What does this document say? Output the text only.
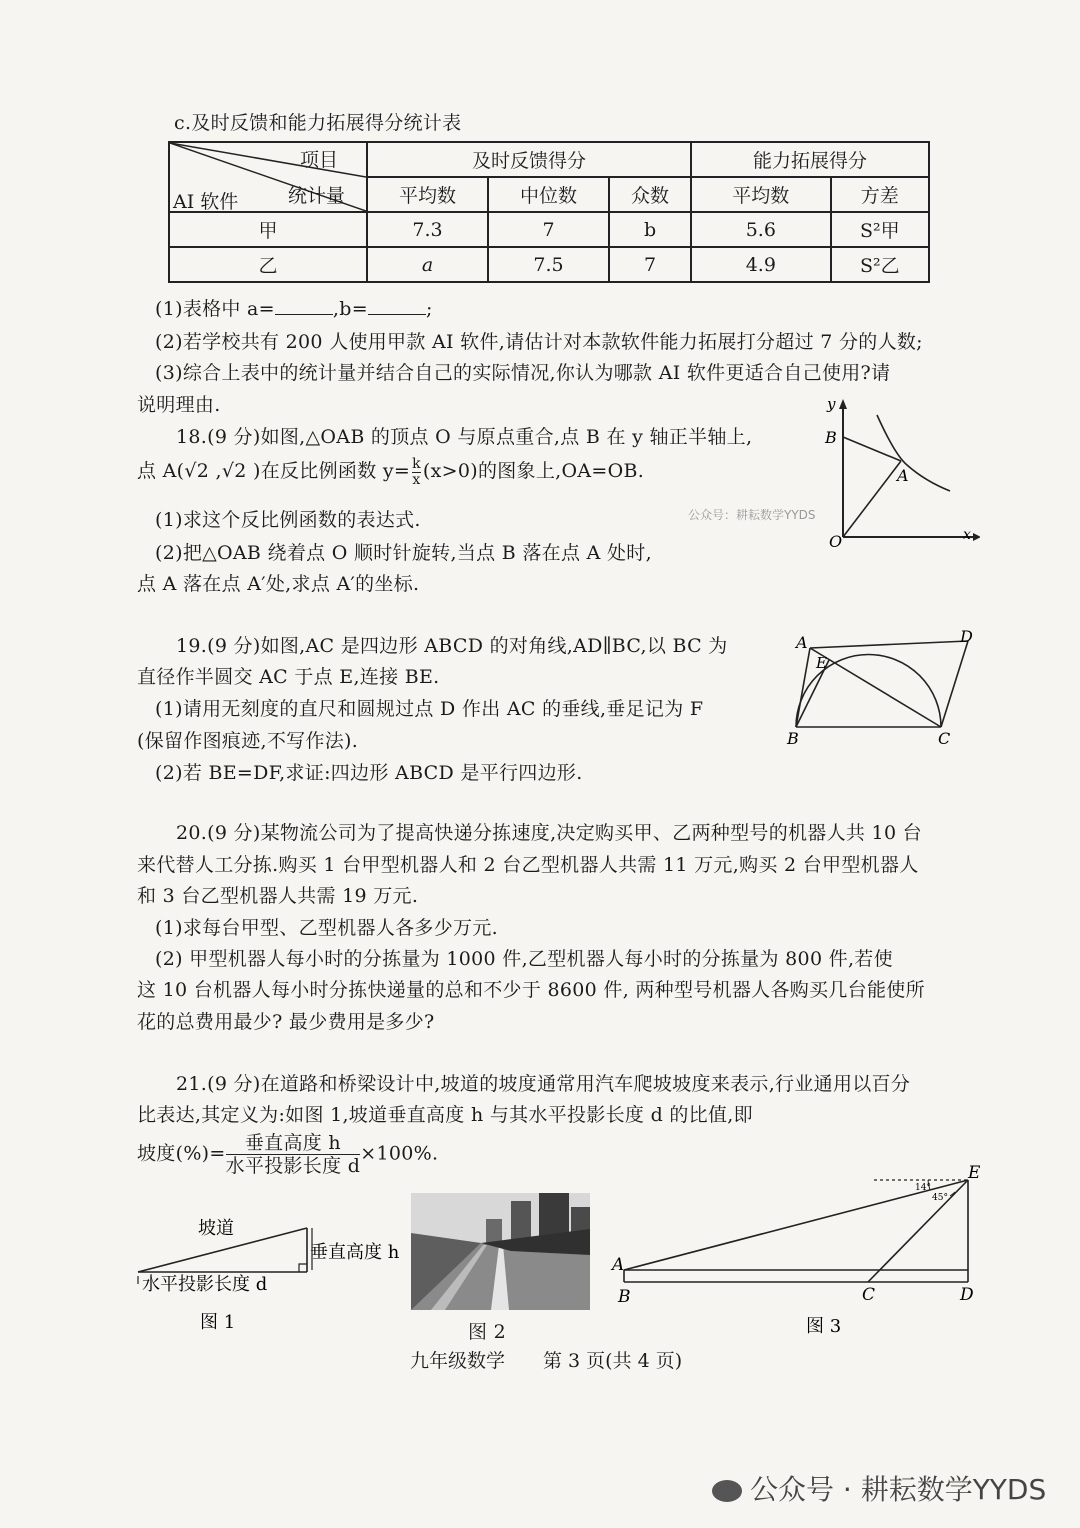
c.及时反馈和能力拓展得分统计表
项目
统计量
AI 软件	及时反馈得分			能力拓展得分	
	平均数	中位数	众数	平均数	方差
甲	7.3	7	b	5.6	S²甲
乙	a	7.5	7	4.9	S²乙
(1)表格中 a=	,b=	;
(2)若学校共有 200 人使用甲款 AI 软件,请估计对本款软件能力拓展打分超过 7 分的人数;
(3)综合上表中的统计量并结合自己的实际情况,你认为哪款 AI 软件更适合自己使用?请
说明理由.
18.(9 分)如图,△OAB 的顶点 O 与原点重合,点 B 在 y 轴正半轴上,
点 A(√2 ,√2 )在反比例函数 $y= \frac{k}{x} (x>0)$的图象上,OA=OB.
(1)求这个反比例函数的表达式.
(2)把△OAB 绕着点 O 顺时针旋转,当点 B 落在点 A 处时,
点 A 落在点 A′处,求点 A′的坐标.
公众号：耕耘数学YYDS
y
B
A
O	x
19.(9 分)如图,AC 是四边形 ABCD 的对角线,AD∥BC,以 BC 为
直径作半圆交 AC 于点 E,连接 BE.
(1)请用无刻度的直尺和圆规过点 D 作出 AC 的垂线,垂足记为 F
(保留作图痕迹,不写作法).
(2)若 BE=DF,求证:四边形 ABCD 是平行四边形.
A	D
E
B	C
20.(9 分)某物流公司为了提高快递分拣速度,决定购买甲、乙两种型号的机器人共 10 台
来代替人工分拣.购买 1 台甲型机器人和 2 台乙型机器人共需 11 万元,购买 2 台甲型机器人
和 3 台乙型机器人共需 19 万元.
(1)求每台甲型、乙型机器人各多少万元.
(2) 甲型机器人每小时的分拣量为 1000 件,乙型机器人每小时的分拣量为 800 件,若使
这 10 台机器人每小时分拣快递量的总和不少于 8600 件, 两种型号机器人各购买几台能使所
花的总费用最少? 最少费用是多少?
21.(9 分)在道路和桥梁设计中,坡道的坡度通常用汽车爬坡坡度来表示,行业通用以百分
比表达,其定义为:如图 1,坡道垂直高度 h 与其水平投影长度 d 的比值,即
坡度(%)= $\frac{\text{垂直高度 h}}{\text{水平投影长度 d}} \times 100\%$.
坡道
垂直高度 h
水平投影长度 d
图 1	图 2
14°
45°
A
B	C	D
E
图 3
九年级数学　　第 3 页(共 4 页)
公众号 · 耕耘数学YYDS
